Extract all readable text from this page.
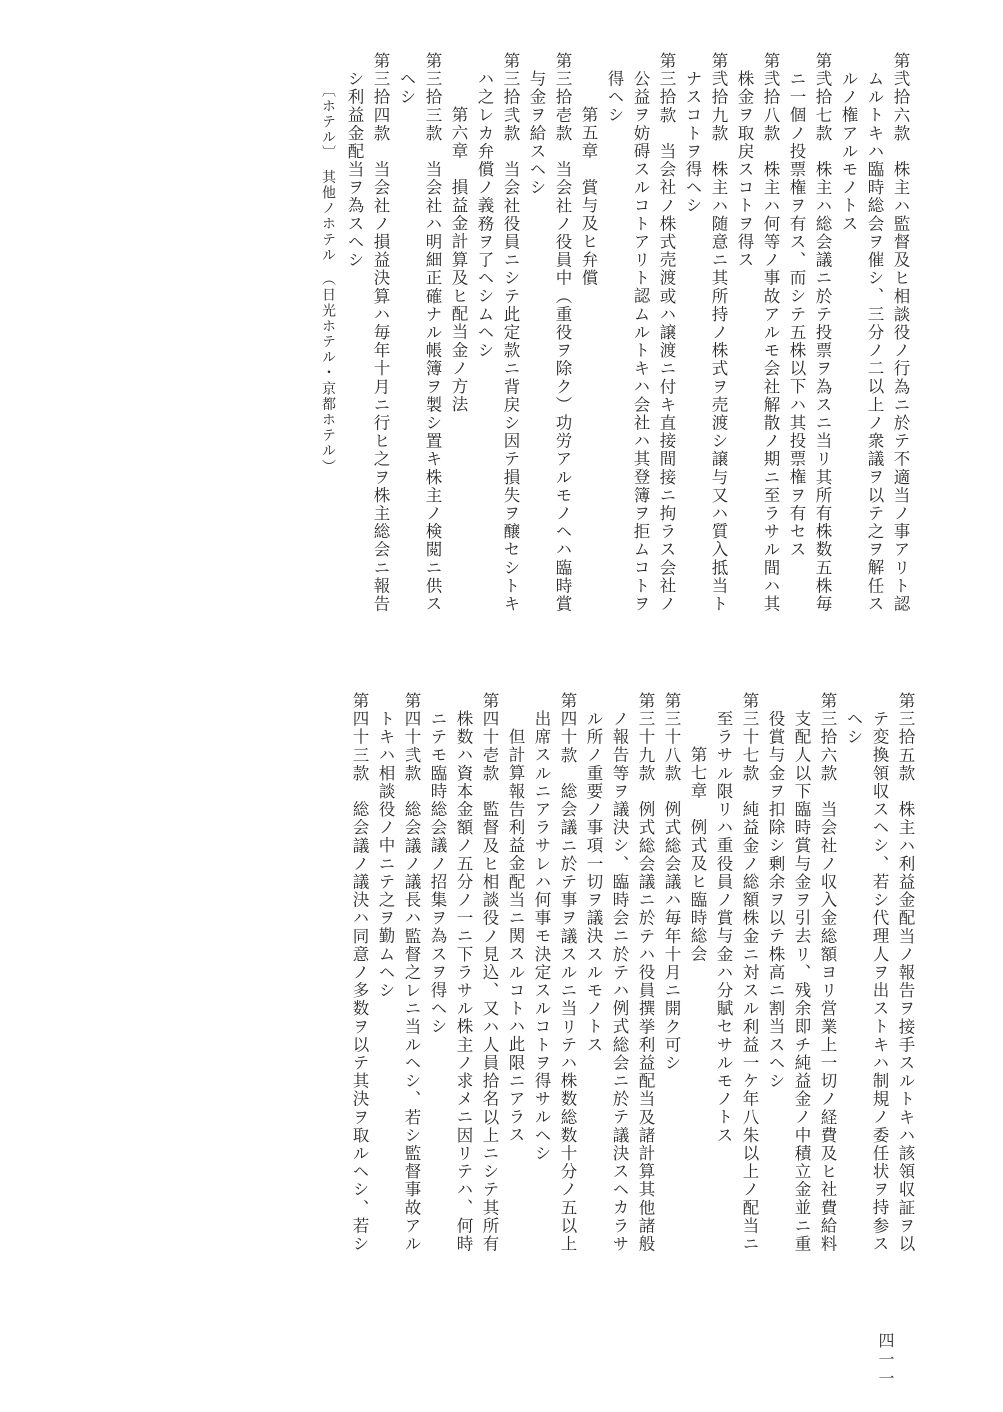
第弐拾六款　株主ハ監督及ヒ相談役ノ行為ニ於テ不適当ノ事アリト認
ムルトキハ臨時総会ヲ催シ、三分ノ二以上ノ衆議ヲ以テ之ヲ解任ス
ルノ権アルモノトス
第弐拾七款　株主ハ総会議ニ於テ投票ヲ為スニ当リ其所有株数五株毎
ニ一個ノ投票権ヲ有ス、而シテ五株以下ハ其投票権ヲ有セス
第弐拾八款　株主ハ何等ノ事故アルモ会社解散ノ期ニ至ラサル間ハ其
株金ヲ取戻スコトヲ得ス
第弐拾九款　株主ハ随意ニ其所持ノ株式ヲ売渡シ譲与又ハ質入抵当ト
ナスコトヲ得ヘシ
第三拾款　当会社ノ株式売渡或ハ譲渡ニ付キ直接間接ニ拘ラス会社ノ
公益ヲ妨碍スルコトアリト認ムルトキハ会社ハ其登簿ヲ拒ムコトヲ
得ヘシ
第五章　賞与及ヒ弁償
第三拾壱款　当会社ノ役員中（重役ヲ除ク）功労アルモノヘハ臨時賞
与金ヲ給スヘシ
第三拾弐款　当会社役員ニシテ此定款ニ背戻シ因テ損失ヲ醸セシトキ
ハ之レカ弁償ノ義務ヲ了ヘシムヘシ
第六章　損益金計算及ヒ配当金ノ方法
第三拾三款　当会社ハ明細正確ナル帳簿ヲ製シ置キ株主ノ検閲ニ供ス
ヘシ
第三拾四款　当会社ノ損益決算ハ毎年十月ニ行ヒ之ヲ株主総会ニ報告
シ利益金配当ヲ為スヘシ
〔ホテル〕　其他ノホテル　（日光ホテル・京都ホテル）
第三拾五款　株主ハ利益金配当ノ報告ヲ接手スルトキハ該領収証ヲ以
テ変換領収スヘシ、若シ代理人ヲ出ストキハ制規ノ委任状ヲ持参ス
ヘシ
第三拾六款　当会社ノ収入金総額ヨリ営業上一切ノ経費及ヒ社費給料
支配人以下臨時賞与金ヲ引去リ、残余即チ純益金ノ中積立金並ニ重
役賞与金ヲ扣除シ剰余ヲ以テ株高ニ割当スヘシ
第三十七款　純益金ノ総額株金ニ対スル利益一ケ年八朱以上ノ配当ニ
至ラサル限リハ重役員ノ賞与金ハ分賦セサルモノトス
第七章　例式及ヒ臨時総会
第三十八款　例式総会議ハ毎年十月ニ開ク可シ
第三十九款　例式総会議ニ於テハ役員撰挙利益配当及諸計算其他諸般
ノ報告等ヲ議決シ、臨時会ニ於テハ例式総会ニ於テ議決スヘカラサ
ル所ノ重要ノ事項一切ヲ議決スルモノトス
第四十款　総会議ニ於テ事ヲ議スルニ当リテハ株数総数十分ノ五以上
出席スルニアラサレハ何事モ決定スルコトヲ得サルヘシ
但計算報告利益金配当ニ関スルコトハ此限ニアラス
第四十壱款　監督及ヒ相談役ノ見込、又ハ人員拾名以上ニシテ其所有
株数ハ資本金額ノ五分ノ一ニ下ラサル株主ノ求メニ因リテハ、何時
ニテモ臨時総会議ノ招集ヲ為スヲ得ヘシ
第四十弐款　総会議ノ議長ハ監督之レニ当ルヘシ、若シ監督事故アル
トキハ相談役ノ中ニテ之ヲ勤ムヘシ
第四十三款　総会議ノ議決ハ同意ノ多数ヲ以テ其決ヲ取ルヘシ、若シ
四一一
